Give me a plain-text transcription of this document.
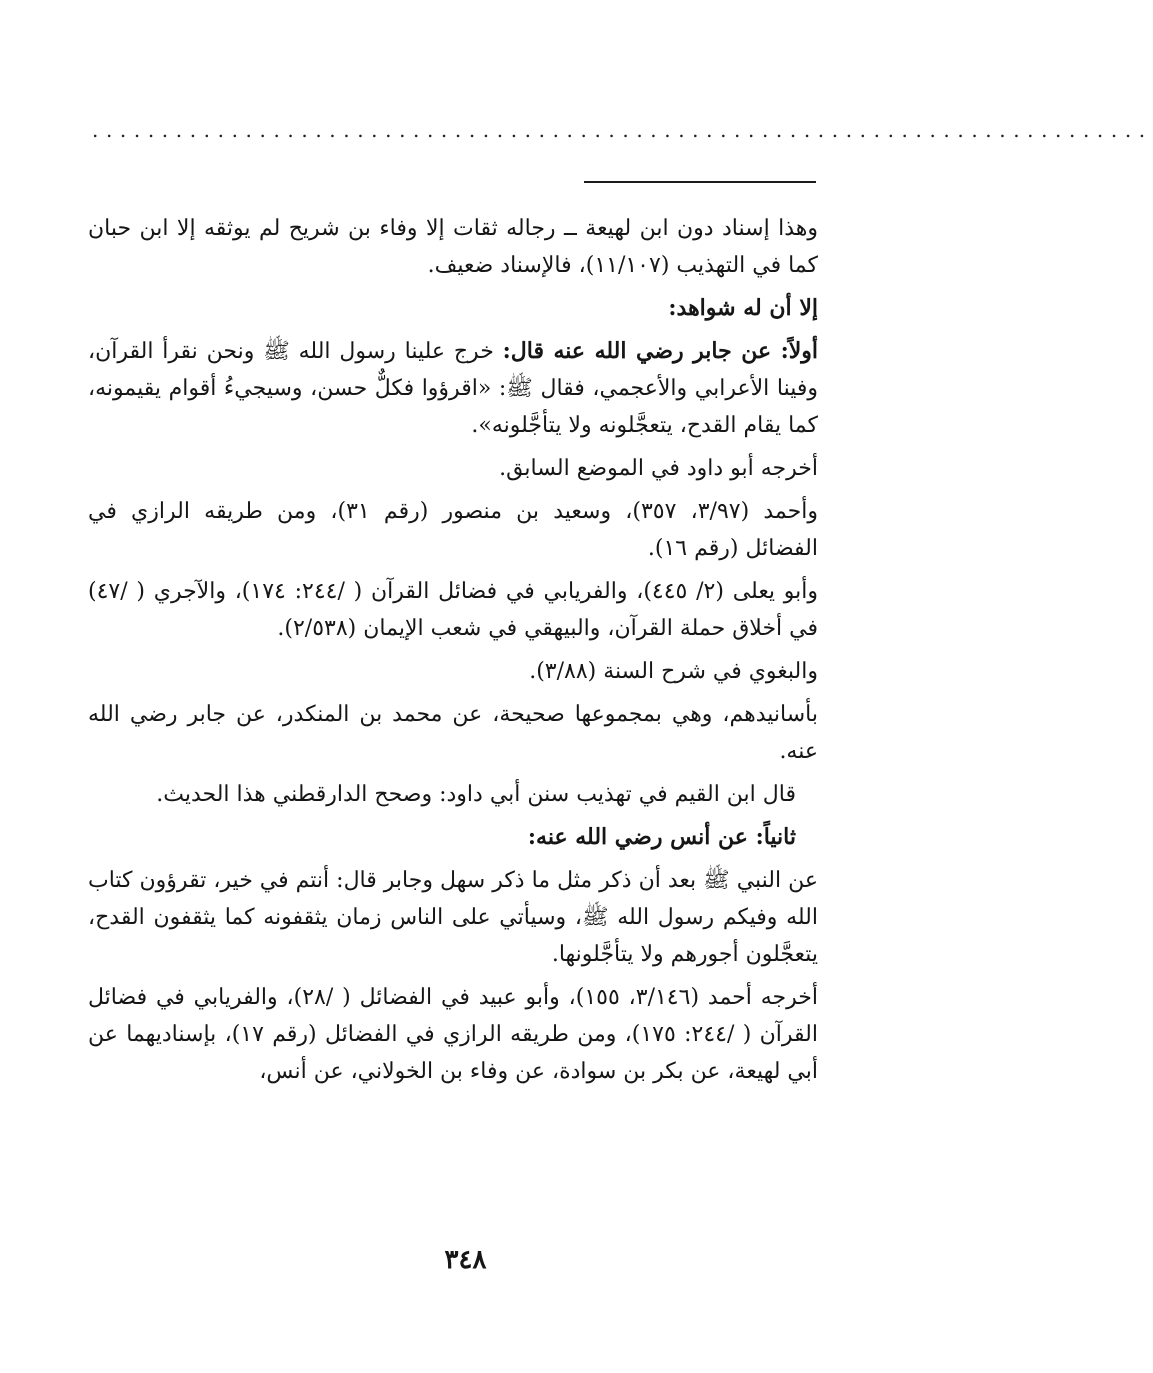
............................................................................

وهذا إسناد دون ابن لهيعة ــ رجاله ثقات إلا وفاء بن شريح لم يوثقه إلا ابن حبان كما في التهذيب (١١/١٠٧)، فالإسناد ضعيف.

إلا أن له شواهد:

أولاً: عن جابر رضي الله عنه قال: خرج علينا رسول الله ﷺ ونحن نقرأ القرآن، وفينا الأعرابي والأعجمي، فقال ﷺ: «اقرؤوا فكلٌّ حسن، وسيجيءُ أقوام يقيمونه، كما يقام القدح، يتعجَّلونه ولا يتأجَّلونه».

أخرجه أبو داود في الموضع السابق.

وأحمد (٣/٩٧، ٣٥٧)، وسعيد بن منصور (رقم ٣١)، ومن طريقه الرازي في الفضائل (رقم ١٦).

وأبو يعلى (٢/ ٤٤٥)، والفريابي في فضائل القرآن ( /٢٤٤: ١٧٤)، والآجري ( /٤٧) في أخلاق حملة القرآن، والبيهقي في شعب الإيمان (٢/٥٣٨).

والبغوي في شرح السنة (٣/٨٨).

بأسانيدهم، وهي بمجموعها صحيحة، عن محمد بن المنكدر، عن جابر رضي الله عنه.

قال ابن القيم في تهذيب سنن أبي داود: وصحح الدارقطني هذا الحديث.

ثانياً: عن أنس رضي الله عنه:

عن النبي ﷺ بعد أن ذكر مثل ما ذكر سهل وجابر قال: أنتم في خير، تقرؤون كتاب الله وفيكم رسول الله ﷺ، وسيأتي على الناس زمان يثقفونه كما يثقفون القدح، يتعجَّلون أجورهم ولا يتأجَّلونها.

أخرجه أحمد (٣/١٤٦، ١٥٥)، وأبو عبيد في الفضائل ( /٢٨)، والفريابي في فضائل القرآن ( /٢٤٤: ١٧٥)، ومن طريقه الرازي في الفضائل (رقم ١٧)، بإسناديهما عن أبي لهيعة، عن بكر بن سوادة، عن وفاء بن الخولاني، عن أنس،

٣٤٨
